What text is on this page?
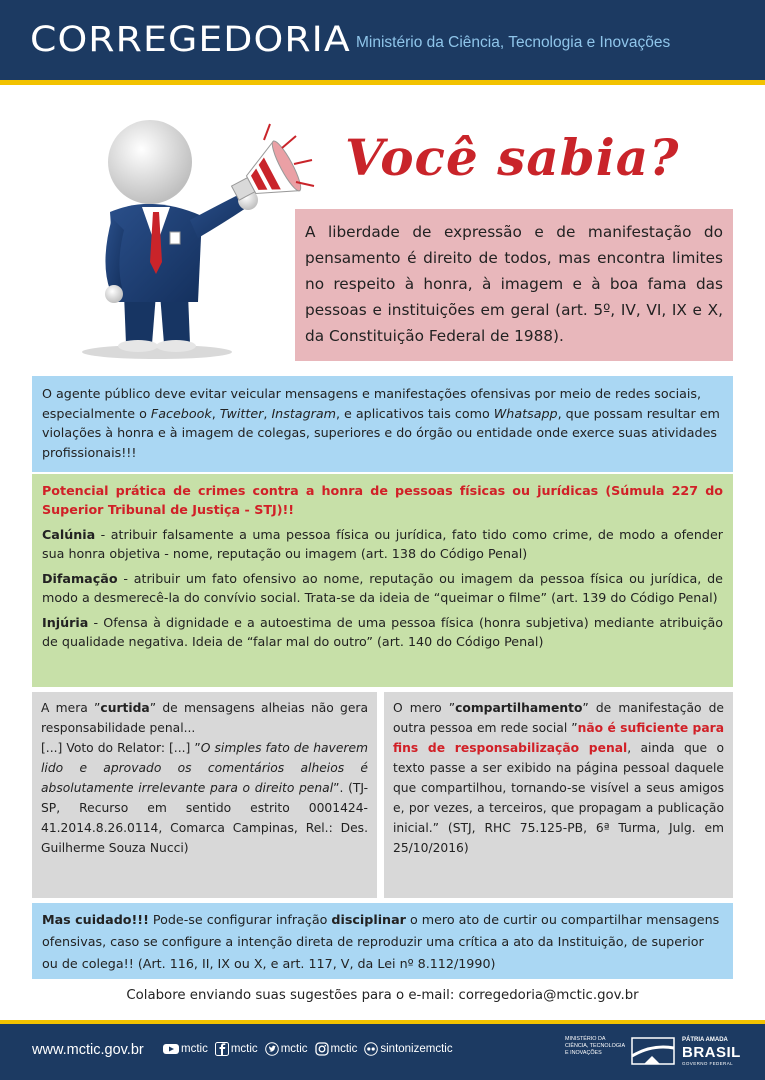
CORREGEDORIA Ministério da Ciência, Tecnologia e Inovações
Você sabia?
A liberdade de expressão e de manifestação do pensamento é direito de todos, mas encontra limites no respeito à honra, à imagem e à boa fama das pessoas e instituições em geral (art. 5º, IV, VI, IX e X, da Constituição Federal de 1988).
O agente público deve evitar veicular mensagens e manifestações ofensivas por meio de redes sociais, especialmente o Facebook, Twitter, Instagram, e aplicativos tais como Whatsapp, que possam resultar em violações à honra e à imagem de colegas, superiores e do órgão ou entidade onde exerce suas atividades profissionais!!!

Potencial prática de crimes contra a honra de pessoas físicas ou jurídicas (Súmula 227 do Superior Tribunal de Justiça - STJ)!!

Calúnia - atribuir falsamente a uma pessoa física ou jurídica, fato tido como crime, de modo a ofender sua honra objetiva - nome, reputação ou imagem (art. 138 do Código Penal)

Difamação - atribuir um fato ofensivo ao nome, reputação ou imagem da pessoa física ou jurídica, de modo a desmerecê-la do convívio social. Trata-se da ideia de “queimar o filme” (art. 139 do Código Penal)

Injúria - Ofensa à dignidade e a autoestima de uma pessoa física (honra subjetiva) mediante atribuição de qualidade negativa. Ideia de “falar mal do outro” (art. 140 do Código Penal)

A mera ”curtida” de mensagens alheias não gera responsabilidade penal...

[...] Voto do Relator: [...] ”O simples fato de haverem lido e aprovado os comentários alheios é absolutamente irrelevante para o direito penal”. (TJ-SP, Recurso em sentido estrito 0001424-41.2014.8.26.0114, Comarca Campinas, Rel.: Des. Guilherme Souza Nucci)

O mero ”compartilhamento” de manifestação de outra pessoa em rede social ”não é suficiente para fins de responsabilização penal, ainda que o texto passe a ser exibido na página pessoal daquele que compartilhou, tornando-se visível a seus amigos e, por vezes, a terceiros, que propagam a publicação inicial.” (STJ, RHC 75.125-PB, 6ª Turma, Julg. em 25/10/2016)

Mas cuidado!!! Pode-se configurar infração disciplinar o mero ato de curtir ou compartilhar mensagens ofensivas, caso se configure a intenção direta de reproduzir uma crítica a ato da Instituição, de superior ou de colega!! (Art. 116, II, IX ou X, e art. 117, V, da Lei nº 8.112/1990)
Colabore enviando suas sugestões para o e-mail: corregedoria@mctic.gov.br
www.mctic.gov.br	mctic mctic mctic mctic sintonizemctic
MINISTÉRIO DA
CIÊNCIA, TECNOLOGIA
E INOVAÇÕES
PÁTRIA AMADA
BRASIL
GOVERNO FEDERAL
